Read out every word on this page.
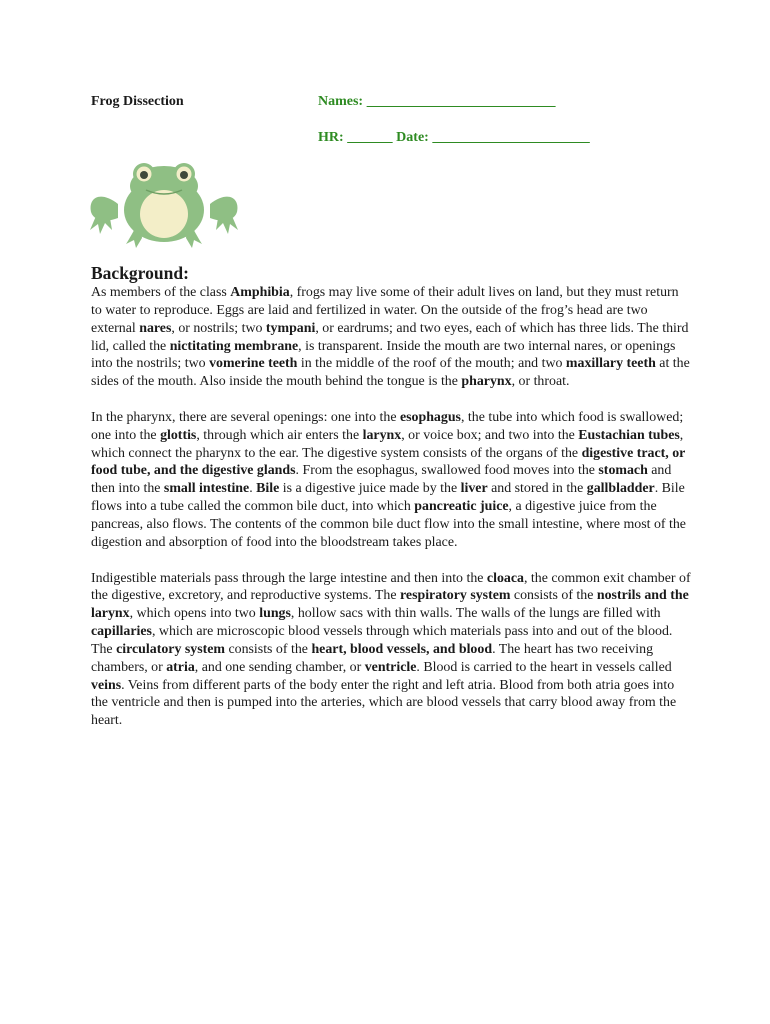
Frog Dissection	Names:
HR:	Date:
Background:

As members of the class Amphibia, frogs may live some of their adult lives on land, but they must return to water to reproduce. Eggs are laid and fertilized in water. On the outside of the frog’s head are two external nares, or nostrils; two tympani, or eardrums; and two eyes, each of which has three lids. The third lid, called the nictitating membrane, is transparent. Inside the mouth are two internal nares, or openings into the nostrils; two vomerine teeth in the middle of the roof of the mouth; and two maxillary teeth at the sides of the mouth. Also inside the mouth behind the tongue is the pharynx, or throat.

In the pharynx, there are several openings: one into the esophagus, the tube into which food is swallowed; one into the glottis, through which air enters the larynx, or voice box; and two into the Eustachian tubes, which connect the pharynx to the ear. The digestive system consists of the organs of the digestive tract, or food tube, and the digestive glands. From the esophagus, swallowed food moves into the stomach and then into the small intestine. Bile is a digestive juice made by the liver and stored in the gallbladder. Bile flows into a tube called the common bile duct, into which pancreatic juice, a digestive juice from the pancreas, also flows. The contents of the common bile duct flow into the small intestine, where most of the digestion and absorption of food into the bloodstream takes place.

Indigestible materials pass through the large intestine and then into the cloaca, the common exit chamber of the digestive, excretory, and reproductive systems. The respiratory system consists of the nostrils and the larynx, which opens into two lungs, hollow sacs with thin walls. The walls of the lungs are filled with capillaries, which are microscopic blood vessels through which materials pass into and out of the blood. The circulatory system consists of the heart, blood vessels, and blood. The heart has two receiving chambers, or atria, and one sending chamber, or ventricle. Blood is carried to the heart in vessels called veins. Veins from different parts of the body enter the right and left atria. Blood from both atria goes into the ventricle and then is pumped into the arteries, which are blood vessels that carry blood away from the heart.
